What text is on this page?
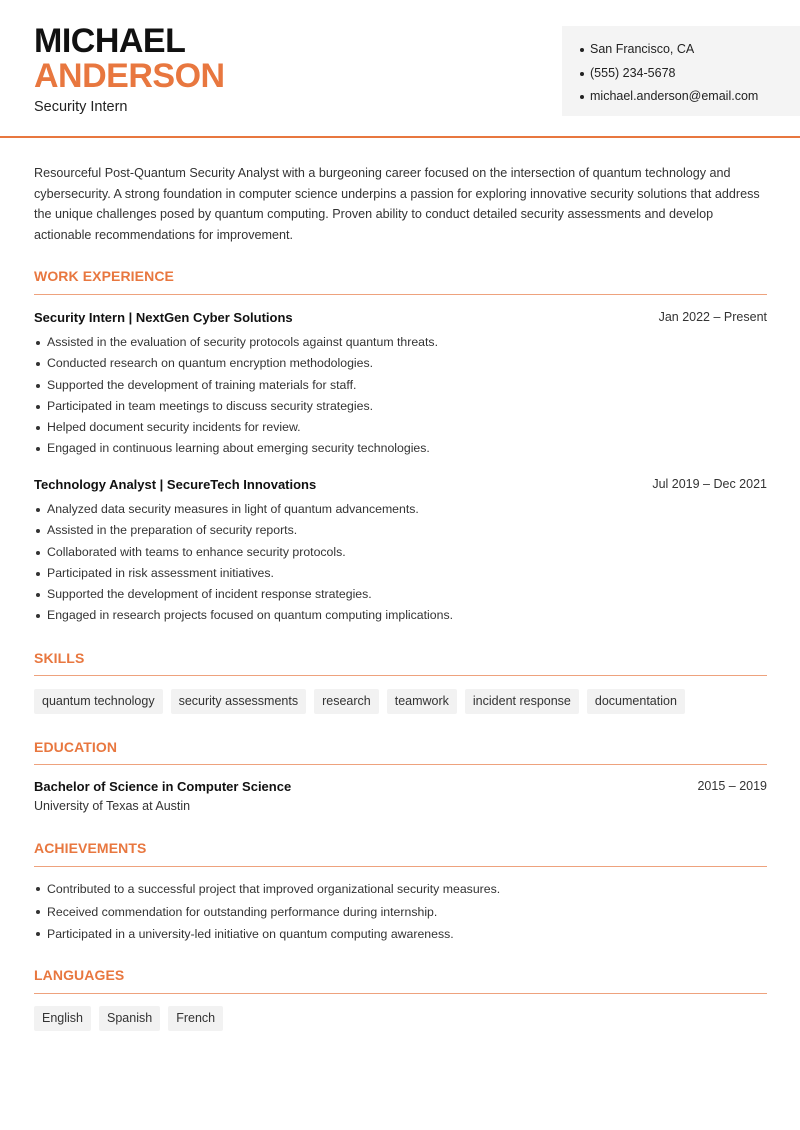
MICHAEL
ANDERSON
Security Intern
San Francisco, CA
(555) 234-5678
michael.anderson@email.com
Resourceful Post-Quantum Security Analyst with a burgeoning career focused on the intersection of quantum technology and cybersecurity. A strong foundation in computer science underpins a passion for exploring innovative security solutions that address the unique challenges posed by quantum computing. Proven ability to conduct detailed security assessments and develop actionable recommendations for improvement.
WORK EXPERIENCE
Security Intern | NextGen Cyber Solutions	Jan 2022 – Present
Assisted in the evaluation of security protocols against quantum threats.
Conducted research on quantum encryption methodologies.
Supported the development of training materials for staff.
Participated in team meetings to discuss security strategies.
Helped document security incidents for review.
Engaged in continuous learning about emerging security technologies.
Technology Analyst | SecureTech Innovations	Jul 2019 – Dec 2021
Analyzed data security measures in light of quantum advancements.
Assisted in the preparation of security reports.
Collaborated with teams to enhance security protocols.
Participated in risk assessment initiatives.
Supported the development of incident response strategies.
Engaged in research projects focused on quantum computing implications.
SKILLS
quantum technology	security assessments	research	teamwork	incident response	documentation
EDUCATION
Bachelor of Science in Computer Science	2015 – 2019
University of Texas at Austin
ACHIEVEMENTS
Contributed to a successful project that improved organizational security measures.
Received commendation for outstanding performance during internship.
Participated in a university-led initiative on quantum computing awareness.
LANGUAGES
English	Spanish	French
